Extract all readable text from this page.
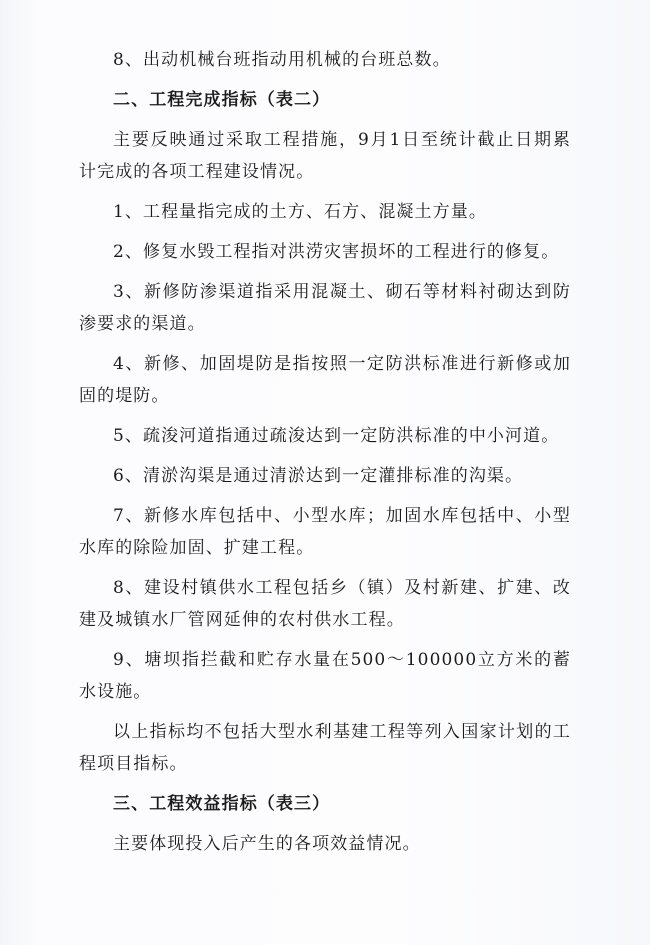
8、出动机械台班指动用机械的台班总数。

二、工程完成指标（表二）

主要反映通过采取工程措施，9月1日至统计截止日期累计完成的各项工程建设情况。

1、工程量指完成的土方、石方、混凝土方量。

2、修复水毁工程指对洪涝灾害损坏的工程进行的修复。

3、新修防渗渠道指采用混凝土、砌石等材料衬砌达到防渗要求的渠道。

4、新修、加固堤防是指按照一定防洪标准进行新修或加固的堤防。

5、疏浚河道指通过疏浚达到一定防洪标准的中小河道。

6、清淤沟渠是通过清淤达到一定灌排标准的沟渠。

7、新修水库包括中、小型水库；加固水库包括中、小型水库的除险加固、扩建工程。

8、建设村镇供水工程包括乡（镇）及村新建、扩建、改建及城镇水厂管网延伸的农村供水工程。

9、塘坝指拦截和贮存水量在500～100000立方米的蓄水设施。

以上指标均不包括大型水利基建工程等列入国家计划的工程项目指标。

三、工程效益指标（表三）

主要体现投入后产生的各项效益情况。
